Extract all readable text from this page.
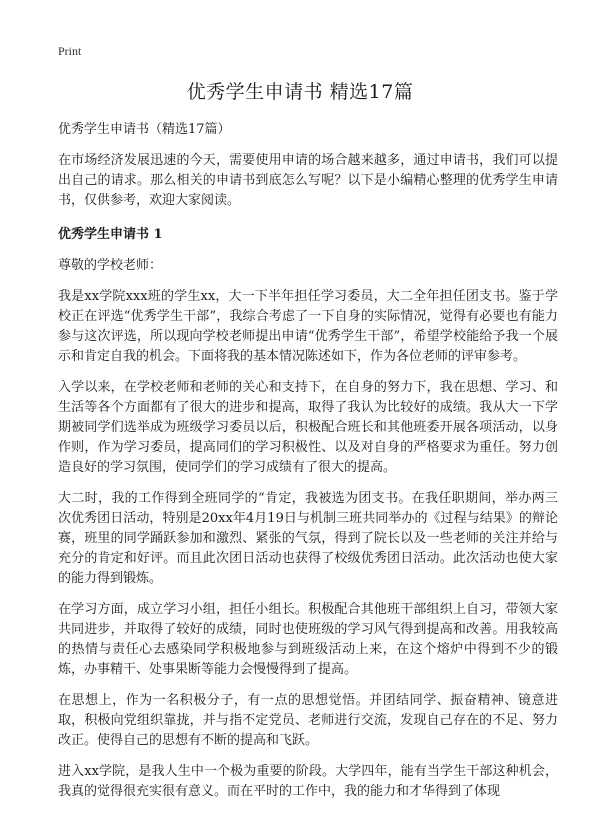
Print
优秀学生申请书 精选17篇

优秀学生申请书（精选17篇）

在市场经济发展迅速的今天，需要使用申请的场合越来越多，通过申请书，我们可以提出自己的请求。那么相关的申请书到底怎么写呢？以下是小编精心整理的优秀学生申请书，仅供参考，欢迎大家阅读。

优秀学生申请书 1

尊敬的学校老师：

我是xx学院xxx班的学生xx，大一下半年担任学习委员，大二全年担任团支书。鉴于学校正在评选“优秀学生干部”，我综合考虑了一下自身的实际情况，觉得有必要也有能力参与这次评选，所以现向学校老师提出申请“优秀学生干部”，希望学校能给予我一个展示和肯定自我的机会。下面将我的基本情况陈述如下，作为各位老师的评审参考。

入学以来，在学校老师和老师的关心和支持下，在自身的努力下，我在思想、学习、和生活等各个方面都有了很大的进步和提高，取得了我认为比较好的成绩。我从大一下学期被同学们选举成为班级学习委员以后，积极配合班长和其他班委开展各项活动，以身作则，作为学习委员，提高同们的学习积极性、以及对自身的严格要求为重任。努力创造良好的学习氛围，使同学们的学习成绩有了很大的提高。

大二时，我的工作得到全班同学的“肯定，我被选为团支书。在我任职期间，举办两三次优秀团日活动，特别是20xx年4月19日与机制三班共同举办的《过程与结果》的辩论赛，班里的同学踊跃参加和激烈、紧张的气氛，得到了院长以及一些老师的关注并给与充分的肯定和好评。而且此次团日活动也获得了校级优秀团日活动。此次活动也使大家的能力得到锻炼。

在学习方面，成立学习小组，担任小组长。积极配合其他班干部组织上自习，带领大家共同进步，并取得了较好的成绩，同时也使班级的学习风气得到提高和改善。用我较高的热情与责任心去感染同学积极地参与到班级活动上来，在这个熔炉中得到不少的锻炼，办事精干、处事果断等能力会慢慢得到了提高。

在思想上，作为一名积极分子，有一点的思想觉悟。并团结同学、振奋精神、镜意进取，积极向党组织靠拢，并与指不定党员、老师进行交流，发现自己存在的不足、努力改正。使得自己的思想有不断的提高和飞跃。

进入xx学院，是我人生中一个极为重要的阶段。大学四年，能有当学生干部这种机会，我真的觉得很充实很有意义。而在平时的工作中，我的能力和才华得到了体现
